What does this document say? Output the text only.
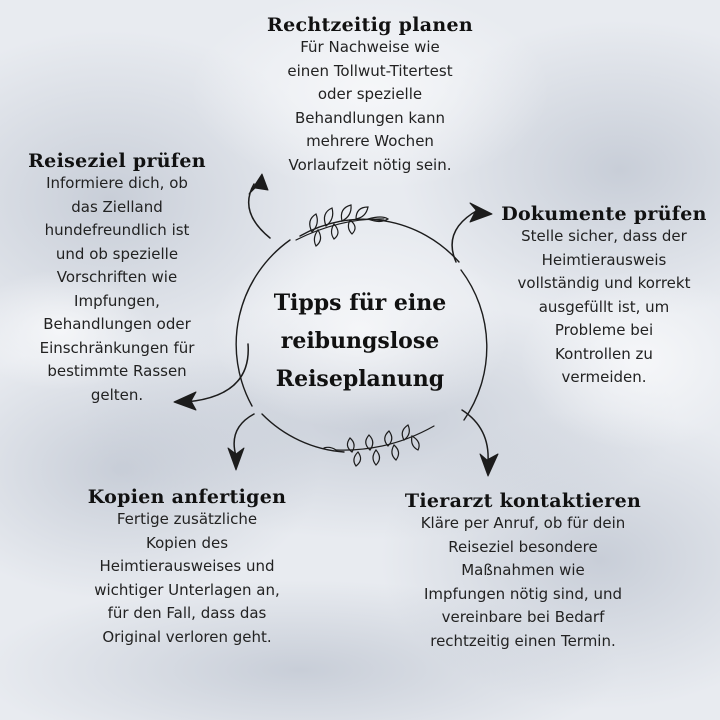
Tipps für eine
reibungslose
Reiseplanung
Rechtzeitig planen

Für Nachweise wie
einen Tollwut-Titertest
oder spezielle
Behandlungen kann
mehrere Wochen
Vorlaufzeit nötig sein.

Reiseziel prüfen

Informiere dich, ob
das Zielland
hundefreundlich ist
und ob spezielle
Vorschriften wie
Impfungen,
Behandlungen oder
Einschränkungen für
bestimmte Rassen
gelten.

Dokumente prüfen

Stelle sicher, dass der
Heimtierausweis
vollständig und korrekt
ausgefüllt ist, um
Probleme bei
Kontrollen zu
vermeiden.

Kopien anfertigen

Fertige zusätzliche
Kopien des
Heimtierausweises und
wichtiger Unterlagen an,
für den Fall, dass das
Original verloren geht.

Tierarzt kontaktieren

Kläre per Anruf, ob für dein
Reiseziel besondere
Maßnahmen wie
Impfungen nötig sind, und
vereinbare bei Bedarf
rechtzeitig einen Termin.
